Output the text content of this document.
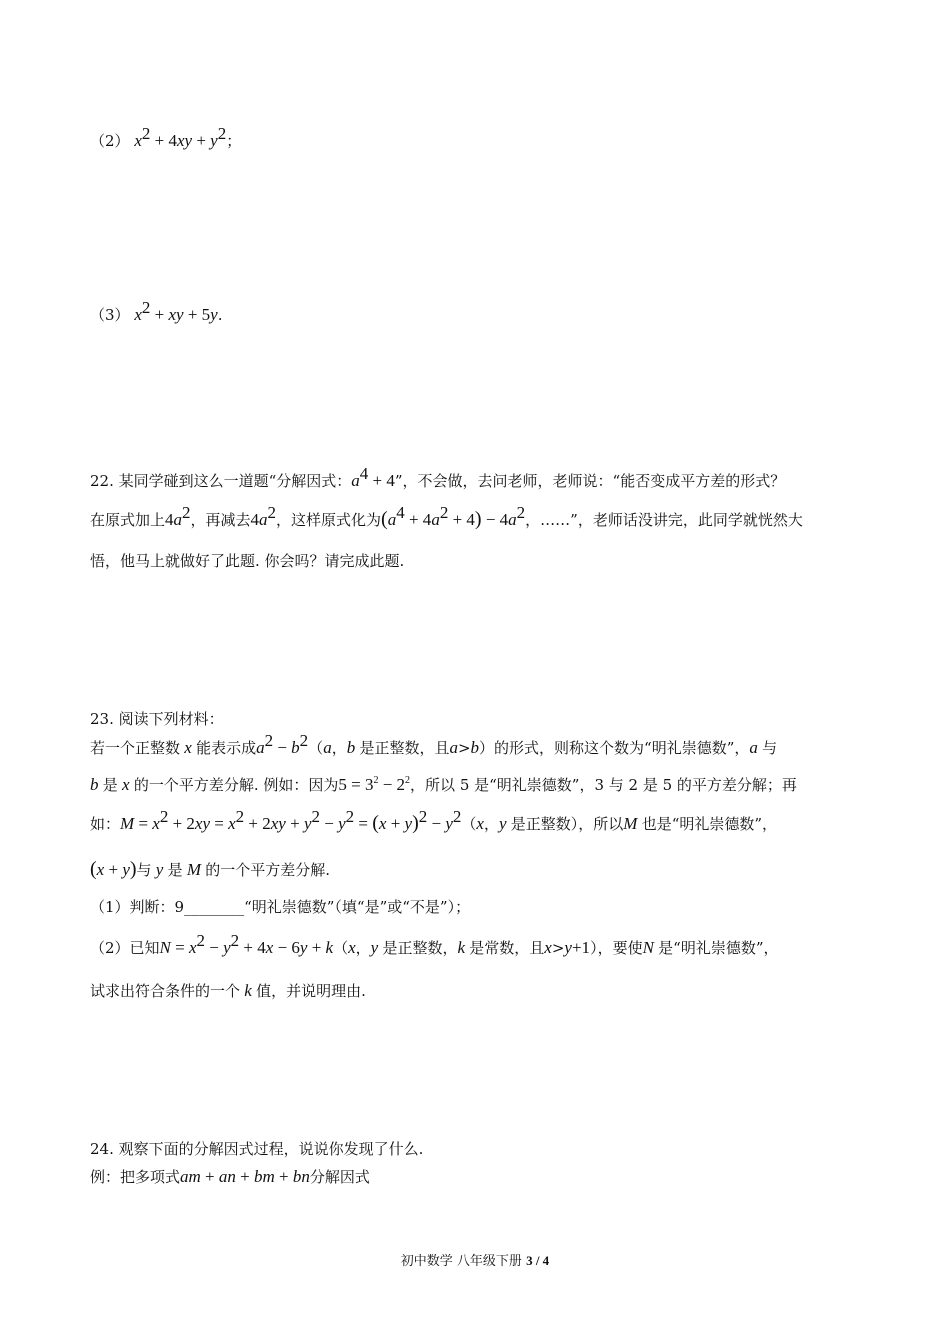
（2） $x^2 + 4xy + y^2$；
（3） $x^2$ + xy + 5y.
22. 某同学碰到这么一道题“分解因式：$a^4 + 4$”，不会做，去问老师，老师说：“能否变成平方差的形式？
在原式加上$4a^2$，再减去$4a^2$，这样原式化为$(a^4 + 4a^2 + 4) - 4a^2$，……”，老师话没讲完，此同学就恍然大
悟，他马上就做好了此题. 你会吗？请完成此题.
23. 阅读下列材料：
若一个正整数 x 能表示成$a^2 - b^2(a$，b 是正整数，且a>b）的形式，则称这个数为“明礼崇德数”，a 与
b 是 x 的一个平方差分解. 例如：因为$5 = 3^2 - 2^2$，所以 5 是“明礼崇德数”，3 与 2 是 5 的平方差分解；再
如：$M = x^2 + 2xy = x^2 + 2xy + y^2 - y^2 = (x + y)^2 - y^2(x$，y 是正整数），所以M 也是“明礼崇德数”，
(x + y)与 y 是 M 的一个平方差分解.
（1）判断：9________“明礼崇德数”（填“是”或“不是”）；
（2）已知$N = x^2 - y^2 + 4x - 6y + k(x$，y 是正整数，k 是常数，且x>y+1），要使N 是“明礼崇德数”，
试求出符合条件的一个 k 值，并说明理由.
24. 观察下面的分解因式过程，说说你发现了什么.
例：把多项式am + an + bm + bn分解因式
初中数学 八年级下册 3 / 4
